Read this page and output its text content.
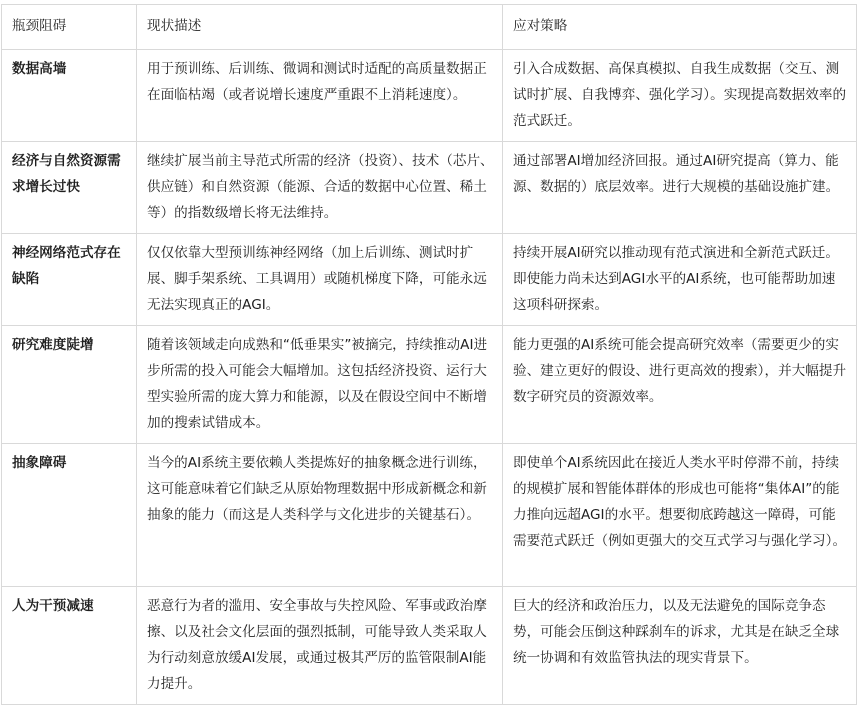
瓶颈阻碍	现状描述	应对策略
数据高墙	用于预训练、后训练、微调和测试时适配的高质量数据正在面临枯竭（或者说增长速度严重跟不上消耗速度）。	引入合成数据、高保真模拟、自我生成数据（交互、测试时扩展、自我博弈、强化学习）。实现提高数据效率的范式跃迁。
经济与自然资源需求增长过快	继续扩展当前主导范式所需的经济（投资）、技术（芯片、供应链）和自然资源（能源、合适的数据中心位置、稀土等）的指数级增长将无法维持。	通过部署AI增加经济回报。通过AI研究提高（算力、能源、数据的）底层效率。进行大规模的基础设施扩建。
神经网络范式存在缺陷	仅仅依靠大型预训练神经网络（加上后训练、测试时扩展、脚手架系统、工具调用）或随机梯度下降，可能永远无法实现真正的AGI。	持续开展AI研究以推动现有范式演进和全新范式跃迁。即使能力尚未达到AGI水平的AI系统，也可能帮助加速这项科研探索。
研究难度陡增	随着该领域走向成熟和“低垂果实”被摘完，持续推动AI进步所需的投入可能会大幅增加。这包括经济投资、运行大型实验所需的庞大算力和能源，以及在假设空间中不断增加的搜索试错成本。	能力更强的AI系统可能会提高研究效率（需要更少的实验、建立更好的假设、进行更高效的搜索），并大幅提升数字研究员的资源效率。
抽象障碍	当今的AI系统主要依赖人类提炼好的抽象概念进行训练，这可能意味着它们缺乏从原始物理数据中形成新概念和新抽象的能力（而这是人类科学与文化进步的关键基石）。	即使单个AI系统因此在接近人类水平时停滞不前，持续的规模扩展和智能体群体的形成也可能将“集体AI”的能力推向远超AGI的水平。想要彻底跨越这一障碍，可能需要范式跃迁（例如更强大的交互式学习与强化学习）。
人为干预减速	恶意行为者的滥用、安全事故与失控风险、军事或政治摩擦、以及社会文化层面的强烈抵制，可能导致人类采取人为行动刻意放缓AI发展，或通过极其严厉的监管限制AI能力提升。	巨大的经济和政治压力，以及无法避免的国际竞争态势，可能会压倒这种踩刹车的诉求，尤其是在缺乏全球统一协调和有效监管执法的现实背景下。
